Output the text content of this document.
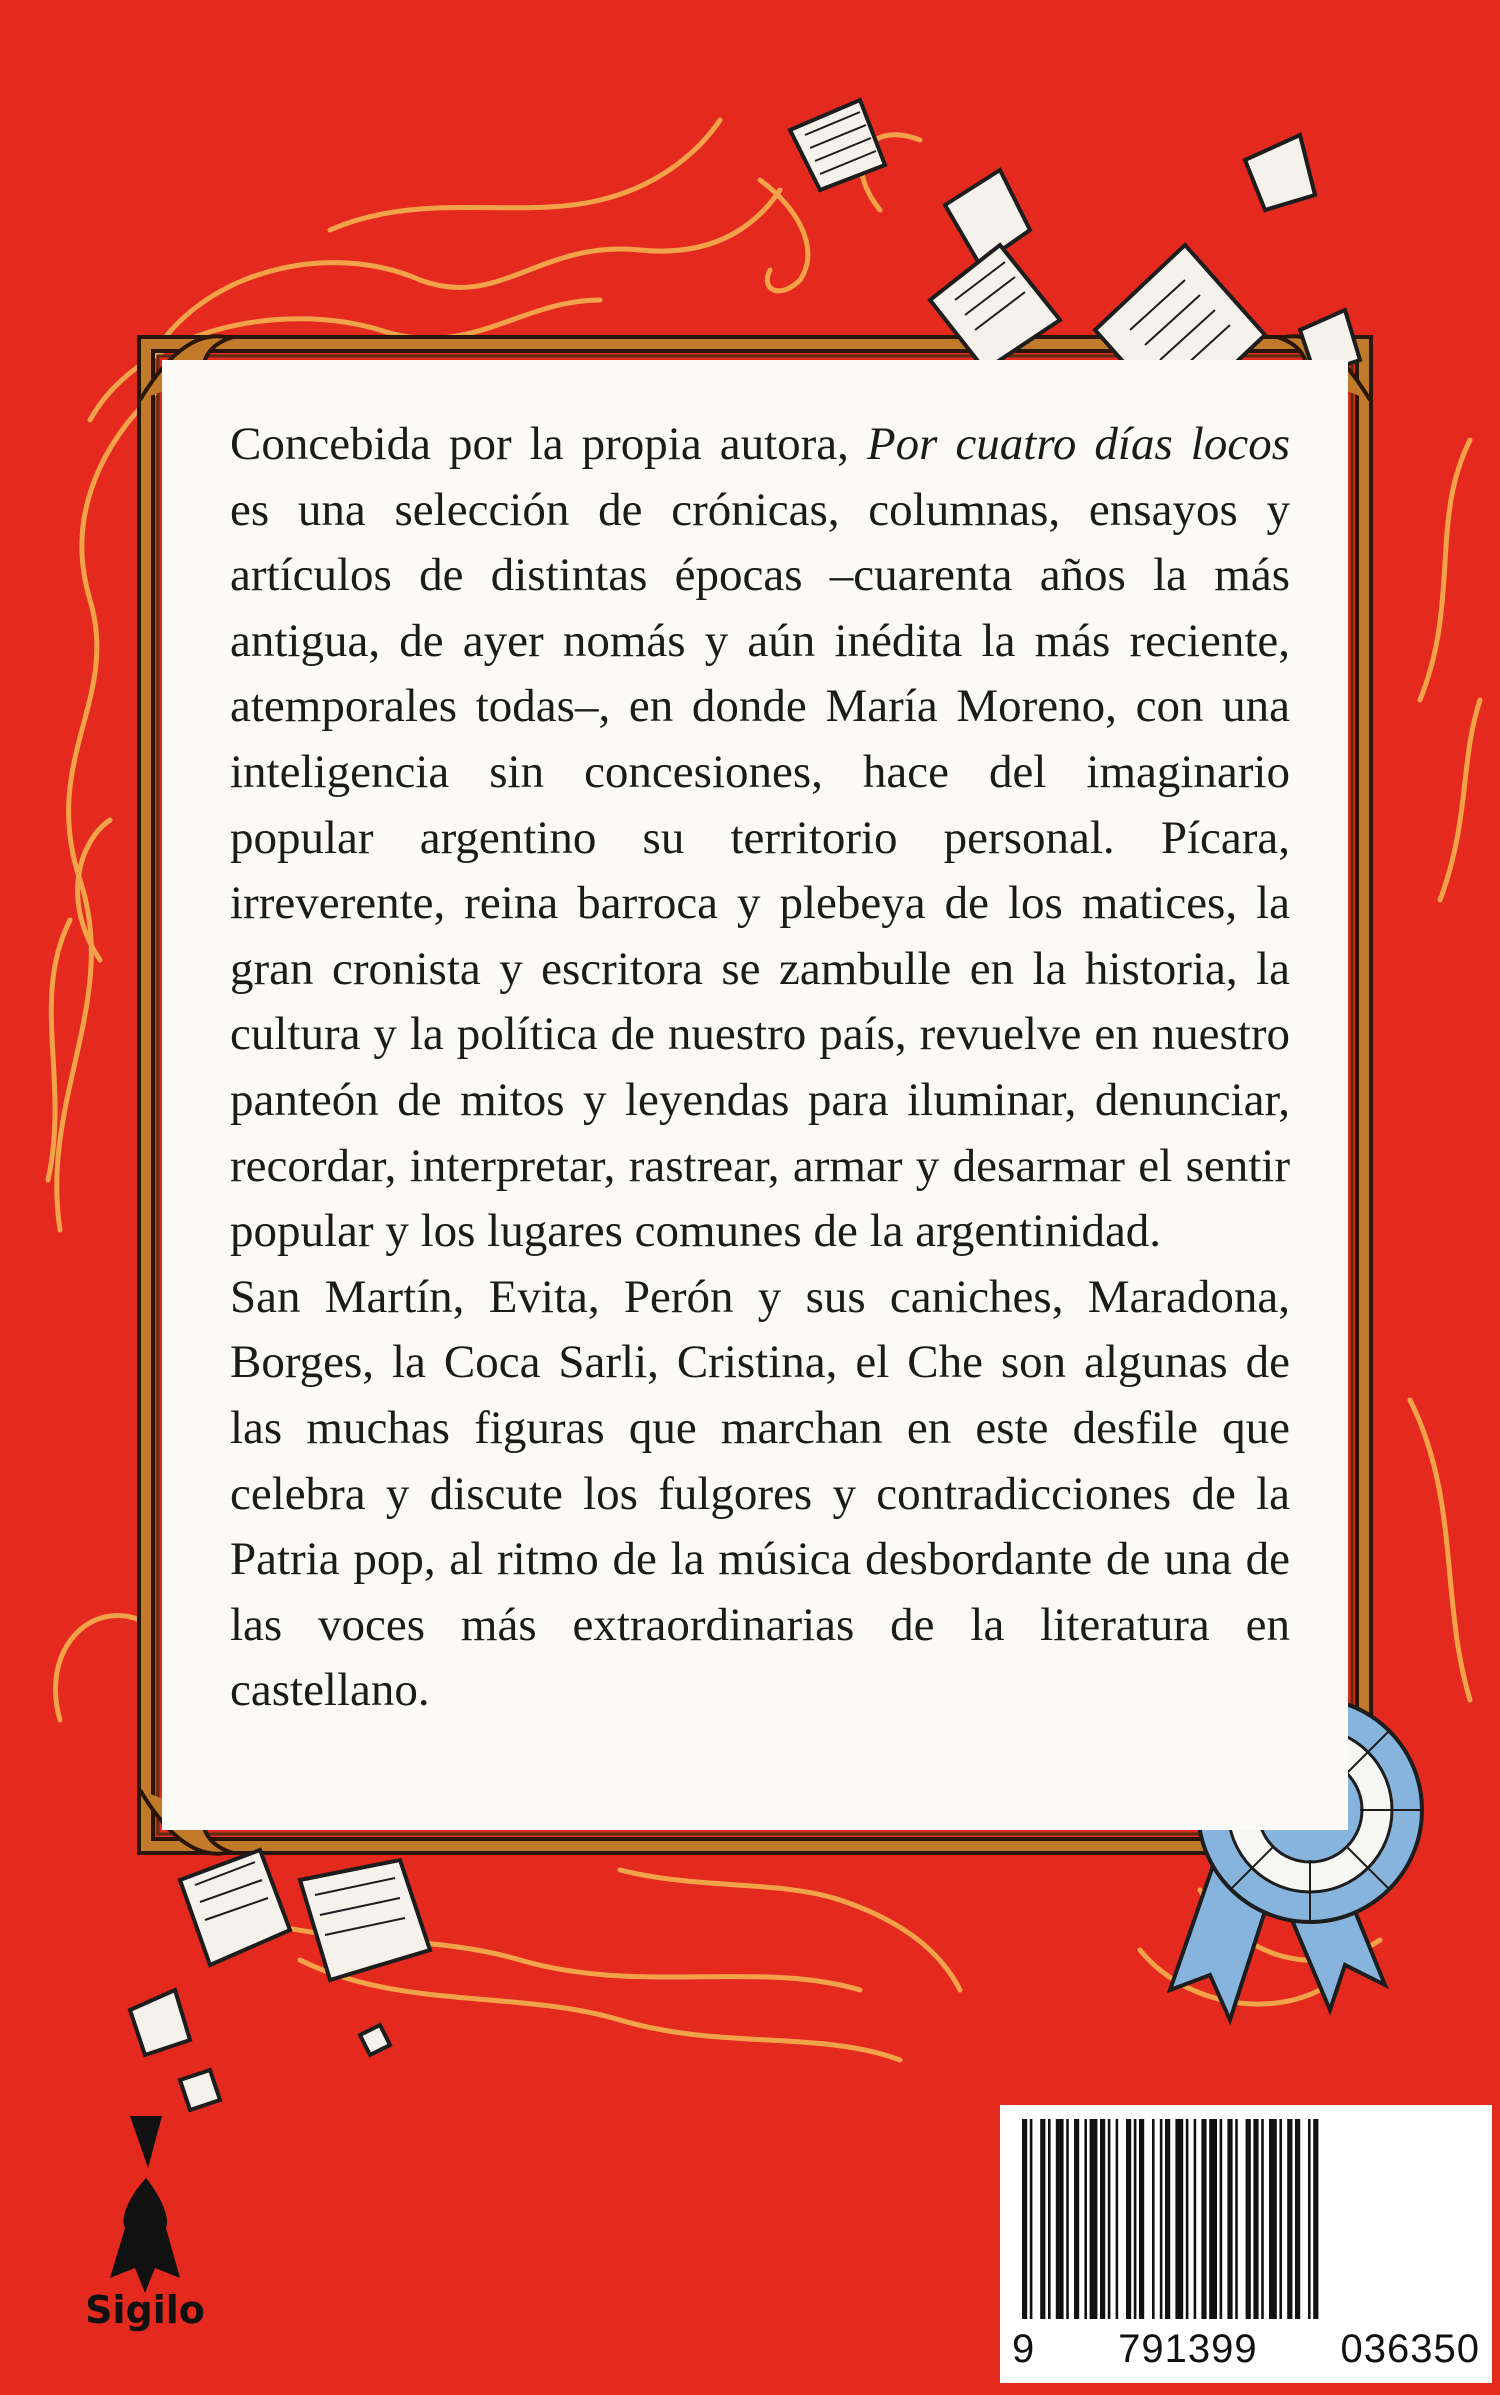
Concebida por la propia autora, Por cuatro días locos es una selección de crónicas, columnas, ensayos y artículos de distintas épocas –cuarenta años la más antigua, de ayer nomás y aún inédita la más reciente, atemporales todas–, en donde María Moreno, con una inteligencia sin concesiones, hace del imaginario popular argentino su territorio personal. Pícara, irreverente, reina barroca y plebeya de los matices, la gran cronista y escritora se zambulle en la historia, la cultura y la política de nuestro país, revuelve en nuestro panteón de mitos y leyendas para iluminar, denunciar, recordar, interpretar, rastrear, armar y desarmar el sentir popular y los lugares comunes de la argentinidad.

San Martín, Evita, Perón y sus caniches, Maradona, Borges, la Coca Sarli, Cristina, el Che son algunas de las muchas figuras que marchan en este desfile que celebra y discute los fulgores y contradicciones de la Patria pop, al ritmo de la música desbordante de una de las voces más extraordinarias de la literatura en castellano.

Sigilo
9 791399 036350
